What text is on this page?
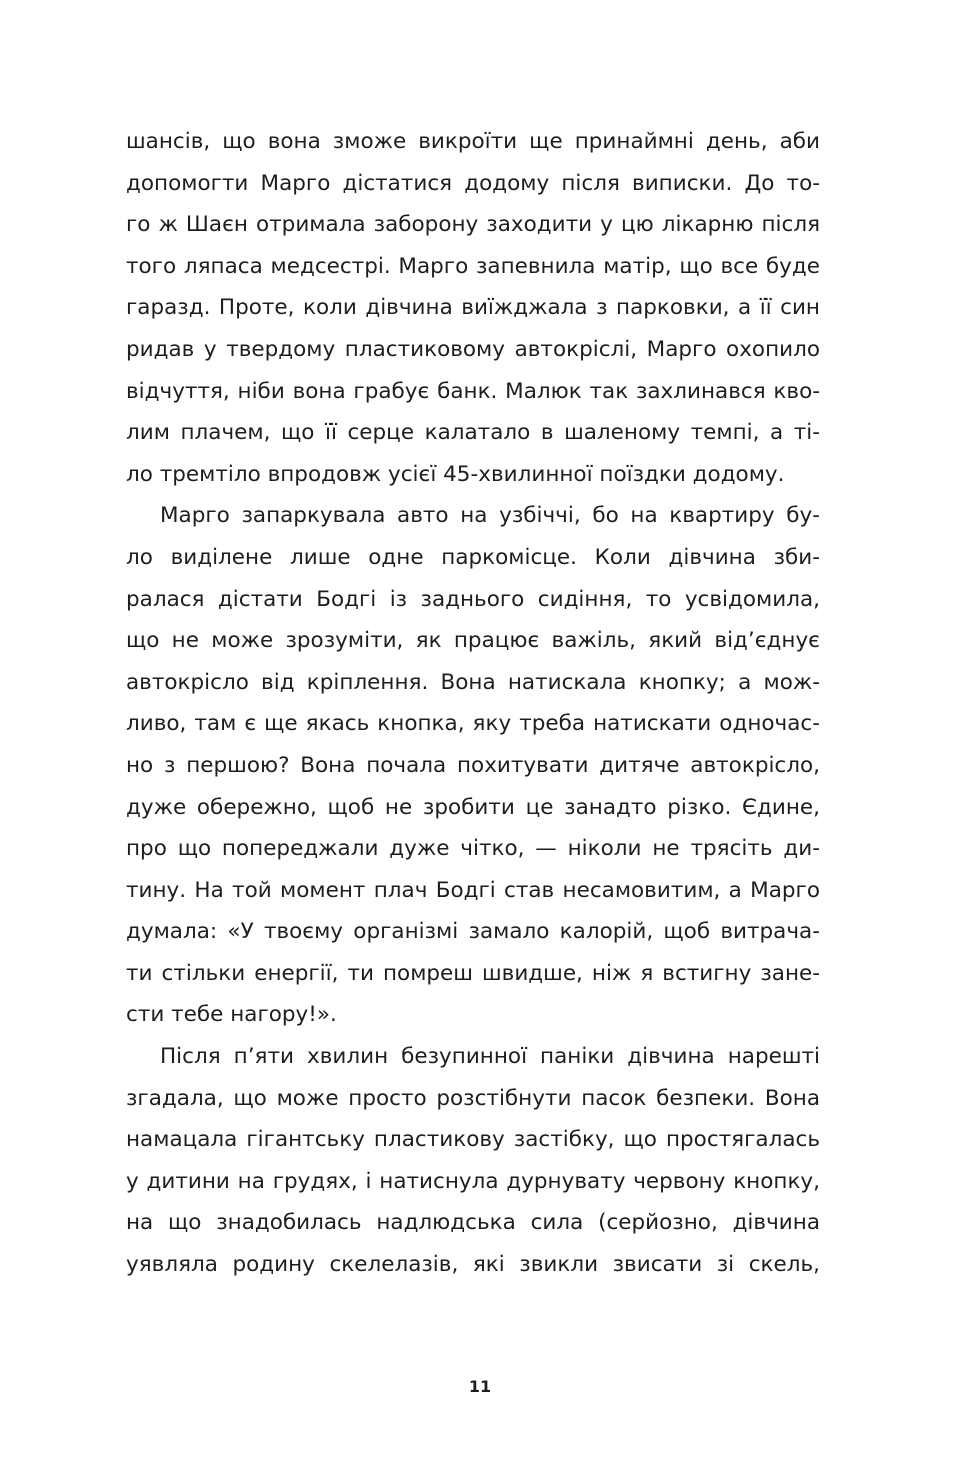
шансів, що вона зможе викроїти ще принаймні день, аби
допомогти Марго дістатися додому після виписки. До то-
го ж Шаєн отримала заборону заходити у цю лікарню після
того ляпаса медсестрі. Марго запевнила матір, що все буде
гаразд. Проте, коли дівчина виїжджала з парковки, а її син
ридав у твердому пластиковому автокріслі, Марго охопило
відчуття, ніби вона грабує банк. Малюк так захлинався кво-
лим плачем, що її серце калатало в шаленому темпі, а ті-
ло тремтіло впродовж усієї 45-хвилинної поїздки додому.
Марго запаркувала авто на узбіччі, бо на квартиру бу-
ло виділене лише одне паркомісце. Коли дівчина зби-
ралася дістати Бодгі із заднього сидіння, то усвідомила,
що не може зрозуміти, як працює важіль, який від’єднує
автокрісло від кріплення. Вона натискала кнопку; а мож-
ливо, там є ще якась кнопка, яку треба натискати одночас-
но з першою? Вона почала похитувати дитяче автокрісло,
дуже обережно, щоб не зробити це занадто різко. Єдине,
про що попереджали дуже чітко, — ніколи не трясіть ди-
тину. На той момент плач Бодгі став несамовитим, а Марго
думала: «У твоєму організмі замало калорій, щоб витрача-
ти стільки енергії, ти помреш швидше, ніж я встигну зане-
сти тебе нагору!».
Після п’яти хвилин безупинної паніки дівчина нарешті
згадала, що може просто розстібнути пасок безпеки. Вона
намацала гігантську пластикову застібку, що простягалась
у дитини на грудях, і натиснула дурнувату червону кнопку,
на що знадобилась надлюдська сила (серйозно, дівчина
уявляла родину скелелазів, які звикли звисати зі скель,
11
